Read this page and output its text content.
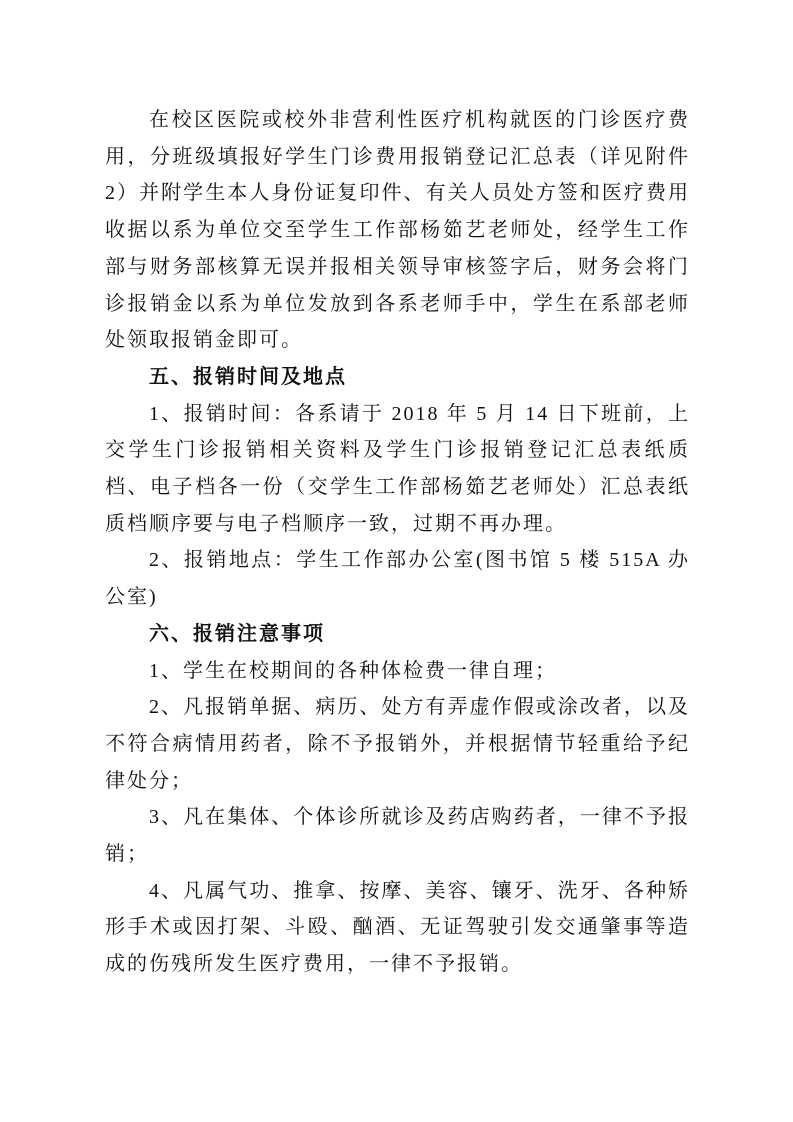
在校区医院或校外非营利性医疗机构就医的门诊医疗费用，分班级填报好学生门诊费用报销登记汇总表（详见附件2）并附学生本人身份证复印件、有关人员处方签和医疗费用收据以系为单位交至学生工作部杨筎艺老师处，经学生工作部与财务部核算无误并报相关领导审核签字后，财务会将门诊报销金以系为单位发放到各系老师手中，学生在系部老师处领取报销金即可。

五、报销时间及地点

1、报销时间：各系请于 2018 年 5 月 14 日下班前，上交学生门诊报销相关资料及学生门诊报销登记汇总表纸质档、电子档各一份（交学生工作部杨筎艺老师处）汇总表纸质档顺序要与电子档顺序一致，过期不再办理。

2、报销地点：学生工作部办公室(图书馆 5 楼 515A 办公室)

六、报销注意事项

1、学生在校期间的各种体检费一律自理；

2、凡报销单据、病历、处方有弄虚作假或涂改者，以及不符合病情用药者，除不予报销外，并根据情节轻重给予纪律处分；

3、凡在集体、个体诊所就诊及药店购药者，一律不予报销；

4、凡属气功、推拿、按摩、美容、镶牙、洗牙、各种矫形手术或因打架、斗殴、酗酒、无证驾驶引发交通肇事等造成的伤残所发生医疗费用，一律不予报销。
